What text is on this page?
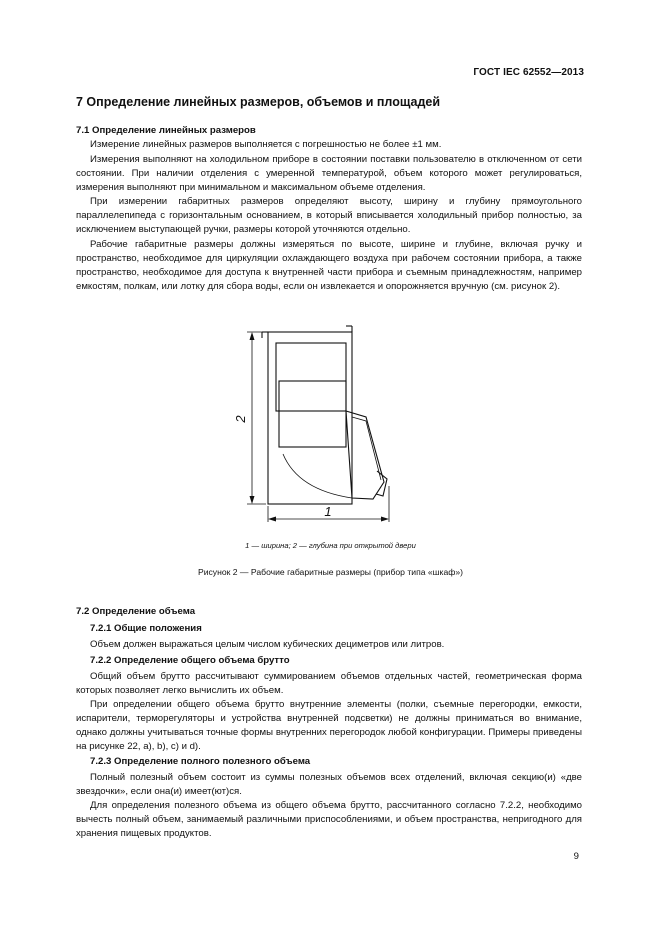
ГОСТ IEC 62552—2013
7 Определение линейных размеров, объемов и площадей
7.1 Определение линейных размеров

Измерение линейных размеров выполняется с погрешностью не более ±1 мм.

Измерения выполняют на холодильном приборе в состоянии поставки пользователю в отключенном от сети состоянии. При наличии отделения с умеренной температурой, объем которого может регулироваться, измерения выполняют при минимальном и максимальном объеме отделения.

При измерении габаритных размеров определяют высоту, ширину и глубину прямоугольного параллелепипеда с горизонтальным основанием, в который вписывается холодильный прибор полностью, за исключением выступающей ручки, размеры которой уточняются отдельно.

Рабочие габаритные размеры должны измеряться по высоте, ширине и глубине, включая ручку и пространство, необходимое для циркуляции охлаждающего воздуха при рабочем состоянии прибора, а также пространство, необходимое для доступа к внутренней части прибора и съемным принадлежностям, например емкостям, полкам, или лотку для сбора воды, если он извлекается и опорожняется вручную (см. рисунок 2).

2
1
1 — ширина; 2 — глубина при открытой двери
Рисунок 2 — Рабочие габаритные размеры (прибор типа «шкаф»)
7.2 Определение объема
7.2.1 Общие положения

Объем должен выражаться целым числом кубических дециметров или литров.

7.2.2 Определение общего объема брутто

Общий объем брутто рассчитывают суммированием объемов отдельных частей, геометрическая форма которых позволяет легко вычислить их объем.

При определении общего объема брутто внутренние элементы (полки, съемные перегородки, емкости, испарители, терморегуляторы и устройства внутренней подсветки) не должны приниматься во внимание, однако должны учитываться точные формы внутренних перегородок любой конфигурации. Примеры приведены на рисунке 22, a), b), c) и d).

7.2.3 Определение полного полезного объема

Полный полезный объем состоит из суммы полезных объемов всех отделений, включая секцию(и) «две звездочки», если она(и) имеет(ют)ся.

Для определения полезного объема из общего объема брутто, рассчитанного согласно 7.2.2, необходимо вычесть полный объем, занимаемый различными приспособлениями, и объем пространства, непригодного для хранения пищевых продуктов.

9
